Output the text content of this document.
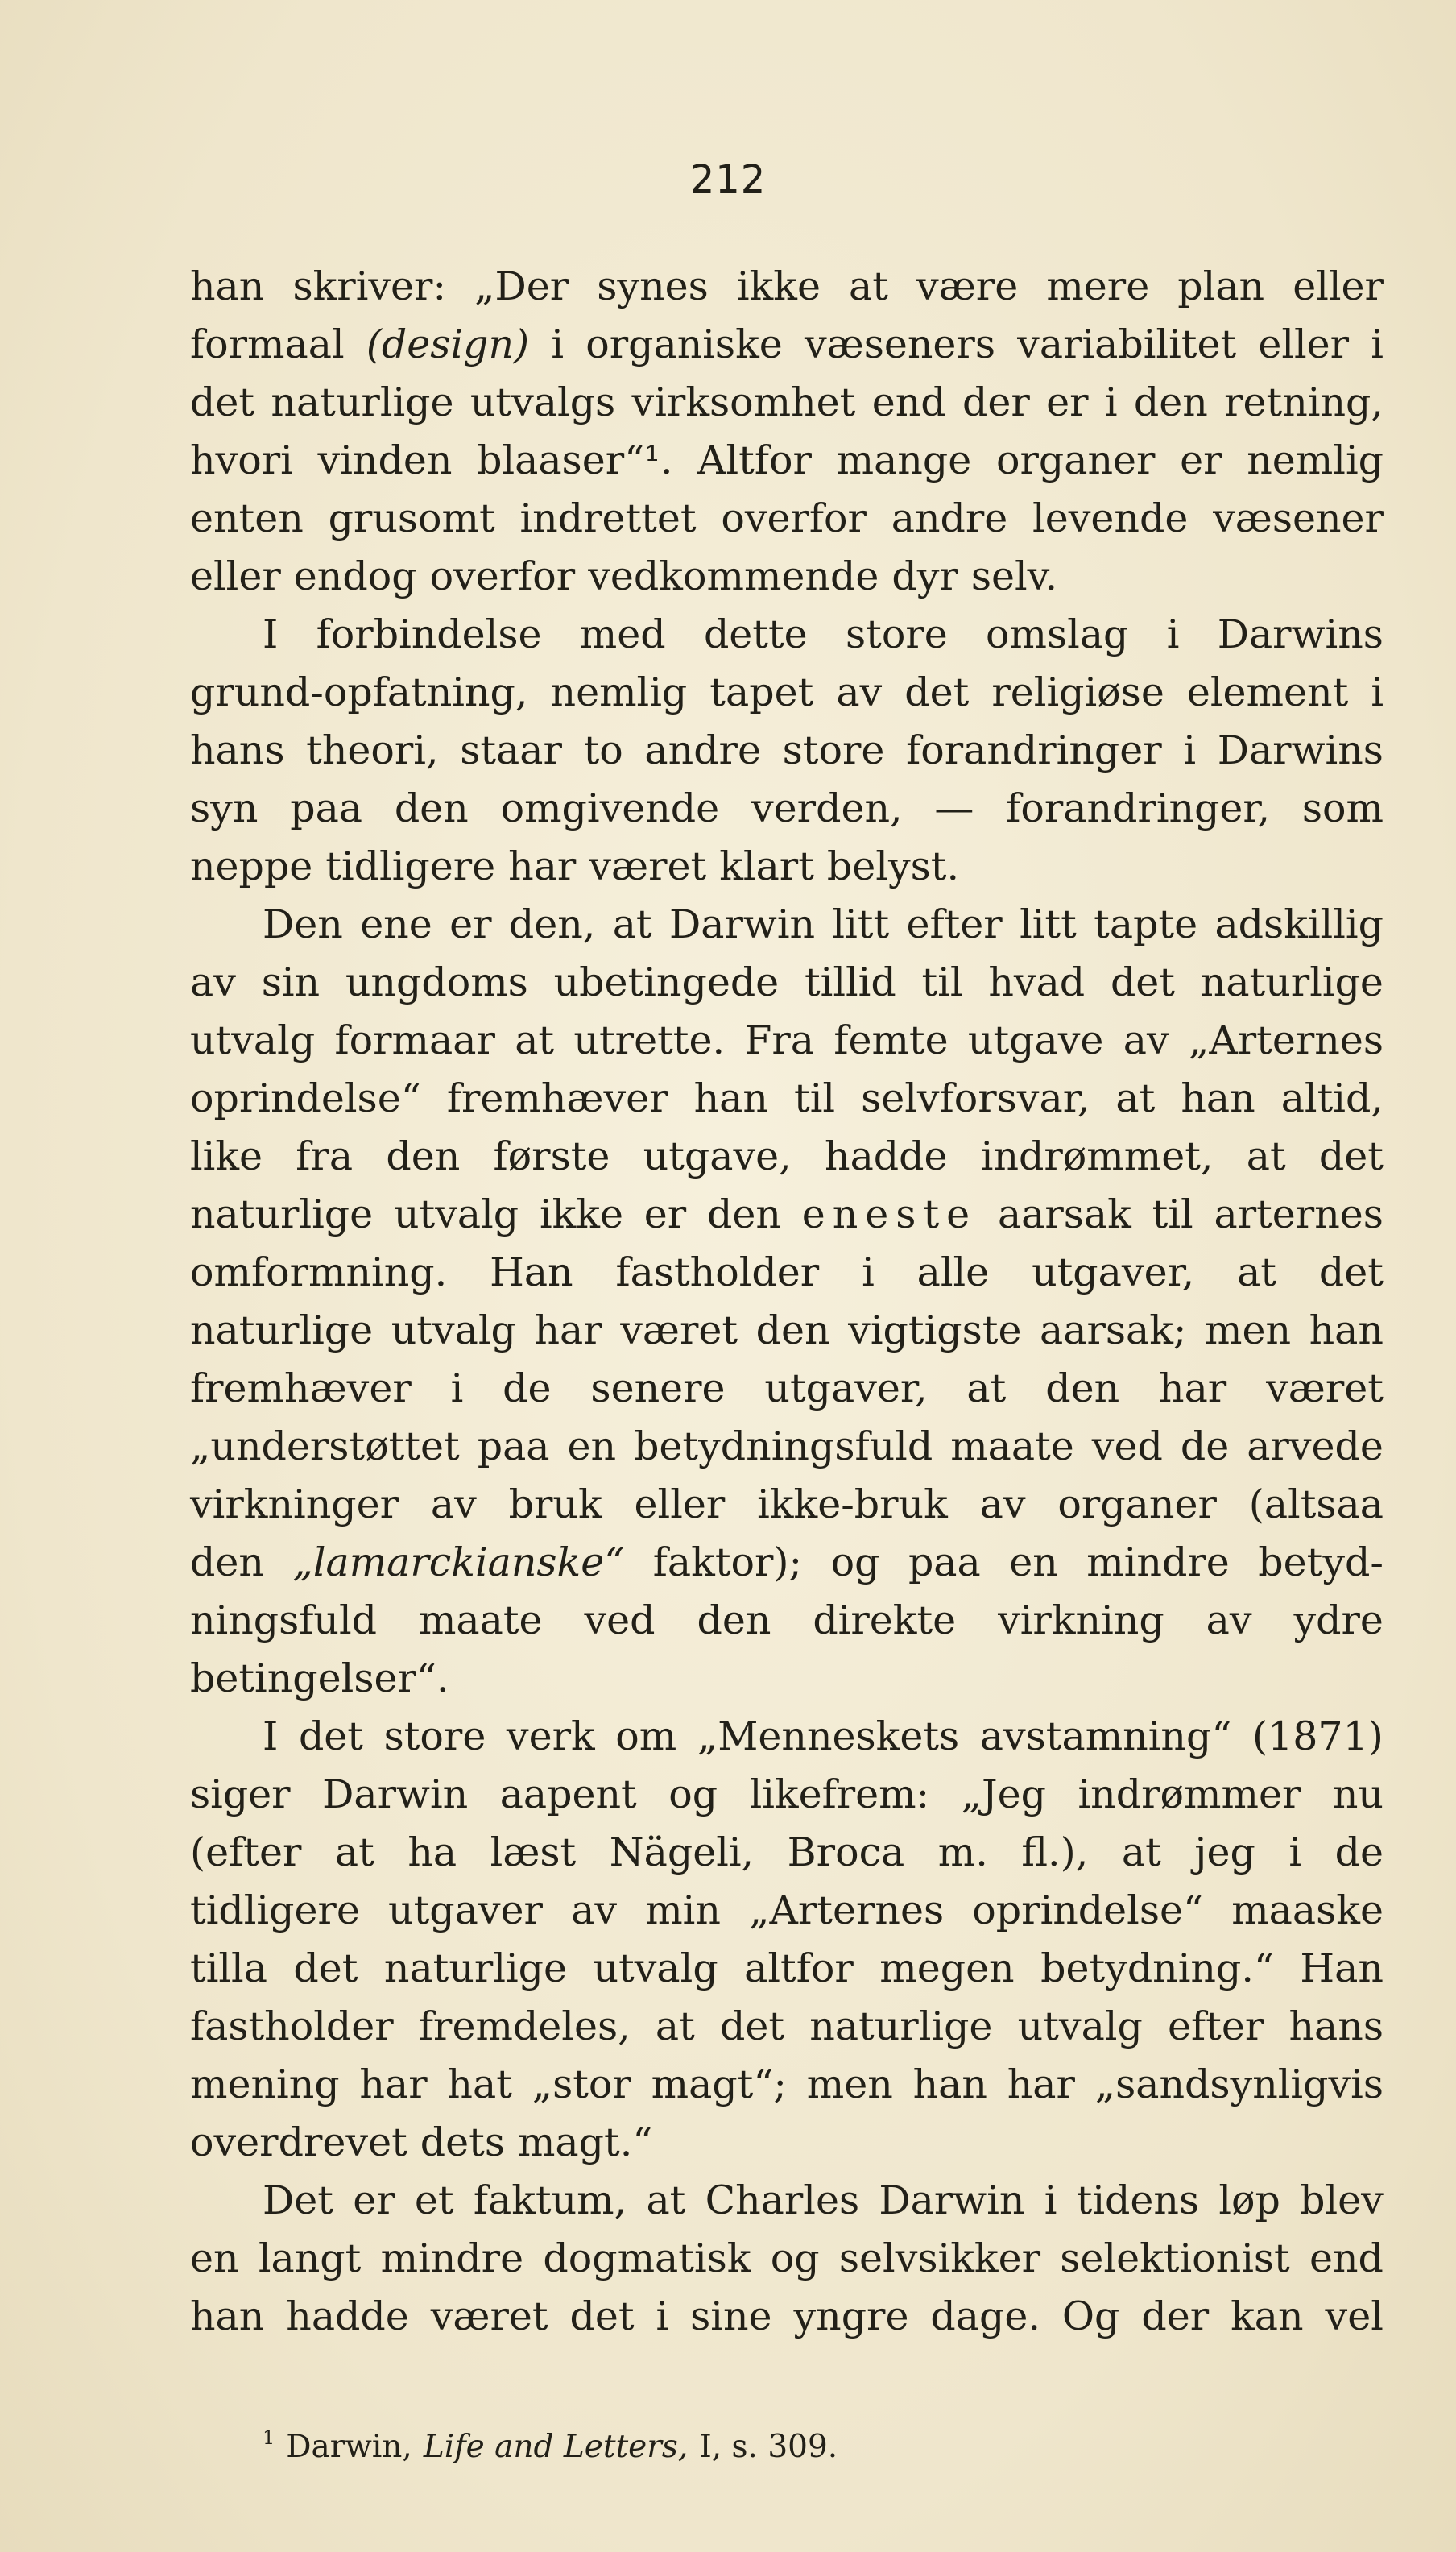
212
han skriver: „Der synes ikke at være mere plan eller
formaal (design) i organiske væseners variabilitet eller i
det naturlige utvalgs virksomhet end der er i den retning,
hvori vinden blaaser“¹. Altfor mange organer er nemlig
enten grusomt indrettet overfor andre levende væsener
eller endog overfor vedkommende dyr selv.
I forbindelse med dette store omslag i Darwins
grund-opfatning, nemlig tapet av det religiøse element i
hans theori, staar to andre store forandringer i Darwins
syn paa den omgivende verden, — forandringer, som
neppe tidligere har været klart belyst.
Den ene er den, at Darwin litt efter litt tapte adskillig
av sin ungdoms ubetingede tillid til hvad det naturlige
utvalg formaar at utrette. Fra femte utgave av „Arternes
oprindelse“ fremhæver han til selvforsvar, at han altid,
like fra den første utgave, hadde indrømmet, at det
naturlige utvalg ikke er den eneste aarsak til arternes
omformning. Han fastholder i alle utgaver, at det
naturlige utvalg har været den vigtigste aarsak; men han
fremhæver i de senere utgaver, at den har været
„understøttet paa en betydningsfuld maate ved de arvede
virkninger av bruk eller ikke-bruk av organer (altsaa
den „lamarckianske“ faktor); og paa en mindre betyd-
ningsfuld maate ved den direkte virkning av ydre
betingelser“.
I det store verk om „Menneskets avstamning“ (1871)
siger Darwin aapent og likefrem: „Jeg indrømmer nu
(efter at ha læst Nägeli, Broca m. fl.), at jeg i de
tidligere utgaver av min „Arternes oprindelse“ maaske
tilla det naturlige utvalg altfor megen betydning.“ Han
fastholder fremdeles, at det naturlige utvalg efter hans
mening har hat „stor magt“; men han har „sandsynligvis
overdrevet dets magt.“
Det er et faktum, at Charles Darwin i tidens løp blev
en langt mindre dogmatisk og selvsikker selektionist end
han hadde været det i sine yngre dage. Og der kan vel
1 Darwin, Life and Letters, I, s. 309.
